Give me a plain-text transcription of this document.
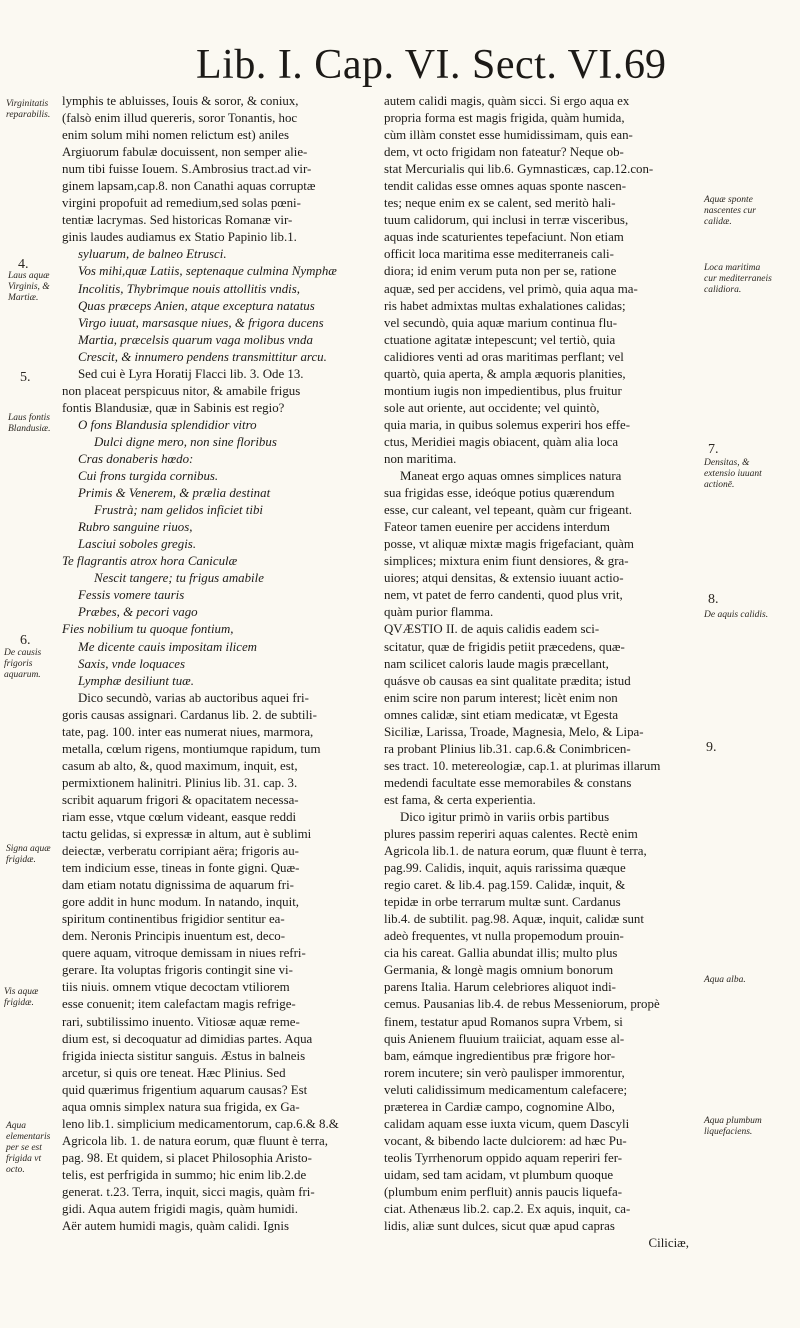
Lib. I. Cap. VI. Sect. VI. 69
lymphis te abluisses, Iouis & soror, & coniux,
(falsò enim illud quereris, soror Tonantis, hoc
enim solum mihi nomen relictum est) aniles
Argiuorum fabulæ docuissent, non semper alie-
num tibi fuisse Iouem. S.Ambrosius tract.ad vir-
ginem lapsam,cap.8. non Canathi aquas corruptæ
virgini propofuit ad remedium,sed solas pœni-
tentiæ lacrymas. Sed historicas Romanæ vir-
ginis laudes audiamus ex Statio Papinio lib.1.
syluarum, de balneo Etrusci.
Vos mihi,quæ Latiis, septenaque culmina Nymphæ
Incolitis, Thybrimque nouis attollitis vndis,
Quas præceps Anien, atque exceptura natatus
Virgo iuuat, marsasque niues, & frigora ducens
Martia, præcelsis quarum vaga molibus vnda
Crescit, & innumero pendens transmittitur arcu.
Sed cui è Lyra Horatij Flacci lib. 3. Ode 13.
non placeat perspicuus nitor, & amabile frigus
fontis Blandusiæ, quæ in Sabinis est regio?
O fons Blandusia splendidior vitro
Dulci digne mero, non sine floribus
Cras donaberis hœdo:
Cui frons turgida cornibus.
Primis & Venerem, & prælia destinat
Frustrà; nam gelidos inficiet tibi
Rubro sanguine riuos,
Lasciui soboles gregis.
Te flagrantis atrox hora Caniculæ
Nescit tangere; tu frigus amabile
Fessis vomere tauris
Præbes, & pecori vago
Fies nobilium tu quoque fontium,
Me dicente cauis impositam ilicem
Saxis, vnde loquaces
Lymphæ desiliunt tuæ.
Dico secundò, varias ab auctoribus aquei fri-
goris causas assignari. Cardanus lib. 2. de subtili-
tate, pag. 100. inter eas numerat niues, marmora,
metalla, cœlum rigens, montiumque rapidum, tum
casum ab alto, &, quod maximum, inquit, est,
permixtionem halinitri. Plinius lib. 31. cap. 3.
scribit aquarum frigori & opacitatem necessa-
riam esse, vtque cœlum videant, easque reddi
tactu gelidas, si expressæ in altum, aut è sublimi
deiectæ, verberatu corripiant aëra; frigoris au-
tem indicium esse, tineas in fonte gigni. Quæ-
dam etiam notatu dignissima de aquarum fri-
gore addit in hunc modum. In natando, inquit,
spiritum continentibus frigidior sentitur ea-
dem. Neronis Principis inuentum est, deco-
quere aquam, vitroque demissam in niues refri-
gerare. Ita voluptas frigoris contingit sine vi-
tiis niuis. omnem vtique decoctam vtiliorem
esse conuenit; item calefactam magis refrige-
rari, subtilissimo inuento. Vitiosæ aquæ reme-
dium est, si decoquatur ad dimidias partes. Aqua
frigida iniecta sistitur sanguis. Æstus in balneis
arcetur, si quis ore teneat. Hæc Plinius. Sed
quid quærimus frigentium aquarum causas? Est
aqua omnis simplex natura sua frigida, ex Ga-
leno lib.1. simplicium medicamentorum, cap.6.& 8.&
Agricola lib. 1. de natura eorum, quæ fluunt è terra,
pag. 98. Et quidem, si placet Philosophia Aristo-
telis, est perfrigida in summo; hic enim lib.2.de
generat. t.23. Terra, inquit, sicci magis, quàm fri-
gidi. Aqua autem frigidi magis, quàm humidi.
Aër autem humidi magis, quàm calidi. Ignis
autem calidi magis, quàm sicci. Si ergo aqua ex
propria forma est magis frigida, quàm humida,
cùm illàm constet esse humidissimam, quis ean-
dem, vt octo frigidam non fateatur? Neque ob-
stat Mercurialis qui lib.6. Gymnasticæs, cap.12.con-
tendit calidas esse omnes aquas sponte nascen-
tes; neque enim ex se calent, sed meritò hali-
tuum calidorum, qui inclusi in terræ visceribus,
aquas inde scaturientes tepefaciunt. Non etiam
officit loca maritima esse mediterraneis cali-
diora; id enim verum puta non per se, ratione
aquæ, sed per accidens, vel primò, quia aqua ma-
ris habet admixtas multas exhalationes calidas;
vel secundò, quia aquæ marium continua flu-
ctuatione agitatæ intepescunt; vel tertiò, quia
calidiores venti ad oras maritimas perflant; vel
quartò, quia aperta, & ampla æquoris planities,
montium iugis non impedientibus, plus fruitur
sole aut oriente, aut occidente; vel quintò,
quia maria, in quibus solemus experiri hos effe-
ctus, Meridiei magis obiacent, quàm alia loca
non maritima.
Maneat ergo aquas omnes simplices natura
sua frigidas esse, ideóque potius quærendum
esse, cur caleant, vel tepeant, quàm cur frigeant.
Fateor tamen euenire per accidens interdum
posse, vt aliquæ mixtæ magis frigefaciant, quàm
simplices; mixtura enim fiunt densiores, & gra-
uiores; atqui densitas, & extensio iuuant actio-
nem, vt patet de ferro candenti, quod plus vrit,
quàm purior flamma.
QVÆSTIO II. de aquis calidis eadem sci-
scitatur, quæ de frigidis petiit præcedens, quæ-
nam scilicet caloris laude magis præcellant,
quásve ob causas ea sint qualitate prædita; istud
enim scire non parum interest; licèt enim non
omnes calidæ, sint etiam medicatæ, vt Egesta
Siciliæ, Larissa, Troade, Magnesia, Melo, & Lipa-
ra probant Plinius lib.31. cap.6.& Conimbricen-
ses tract. 10. metereologiæ, cap.1. at plurimas illarum
medendi facultate esse memorabiles & constans
est fama, & certa experientia.
Dico igitur primò in variis orbis partibus
plures passim reperiri aquas calentes. Rectè enim
Agricola lib.1. de natura eorum, quæ fluunt è terra,
pag.99. Calidis, inquit, aquis rarissima quæque
regio caret. & lib.4. pag.159. Calidæ, inquit, &
tepidæ in orbe terrarum multæ sunt. Cardanus
lib.4. de subtilit. pag.98. Aquæ, inquit, calidæ sunt
adeò frequentes, vt nulla propemodum prouin-
cia his careat. Gallia abundat illis; multo plus
Germania, & longè magis omnium bonorum
parens Italia. Harum celebriores aliquot indi-
cemus. Pausanias lib.4. de rebus Messeniorum, propè
finem, testatur apud Romanos supra Vrbem, si
quis Anienem fluuium traiiciat, aquam esse al-
bam, eámque ingredientibus præ frigore hor-
rorem incutere; sin verò paulisper immorentur,
veluti calidissimum medicamentum calefacere;
præterea in Cardiæ campo, cognomine Albo,
calidam aquam esse iuxta vicum, quem Dascyli
vocant, & bibendo lacte dulciorem: ad hæc Pu-
teolis Tyrrhenorum oppido aquam reperiri fer-
uidam, sed tam acidam, vt plumbum quoque
(plumbum enim perfluit) annis paucis liquefa-
ciat. Athenæus lib.2. cap.2. Ex aquis, inquit, ca-
lidis, aliæ sunt dulces, sicut quæ apud capras
Ciliciæ,
Virginitatis reparabilis.
4.
Laus aquæ Virginis, & Martiæ.
5.
Laus fontis Blandusiæ.
6.
De causis frigoris aquarum.
Signa aquæ frigidæ.
Vis aquæ frigidæ.
Aqua elementaris per se est frigida vt octo.
Aquæ sponte nascentes cur calidæ.
Loca maritima cur mediterraneis calidiora.
7.
Densitas, & extensio iuuant actionē.
8.
De aquis calidis.
9.
Aqua alba.
Aqua plumbum liquefaciens.
